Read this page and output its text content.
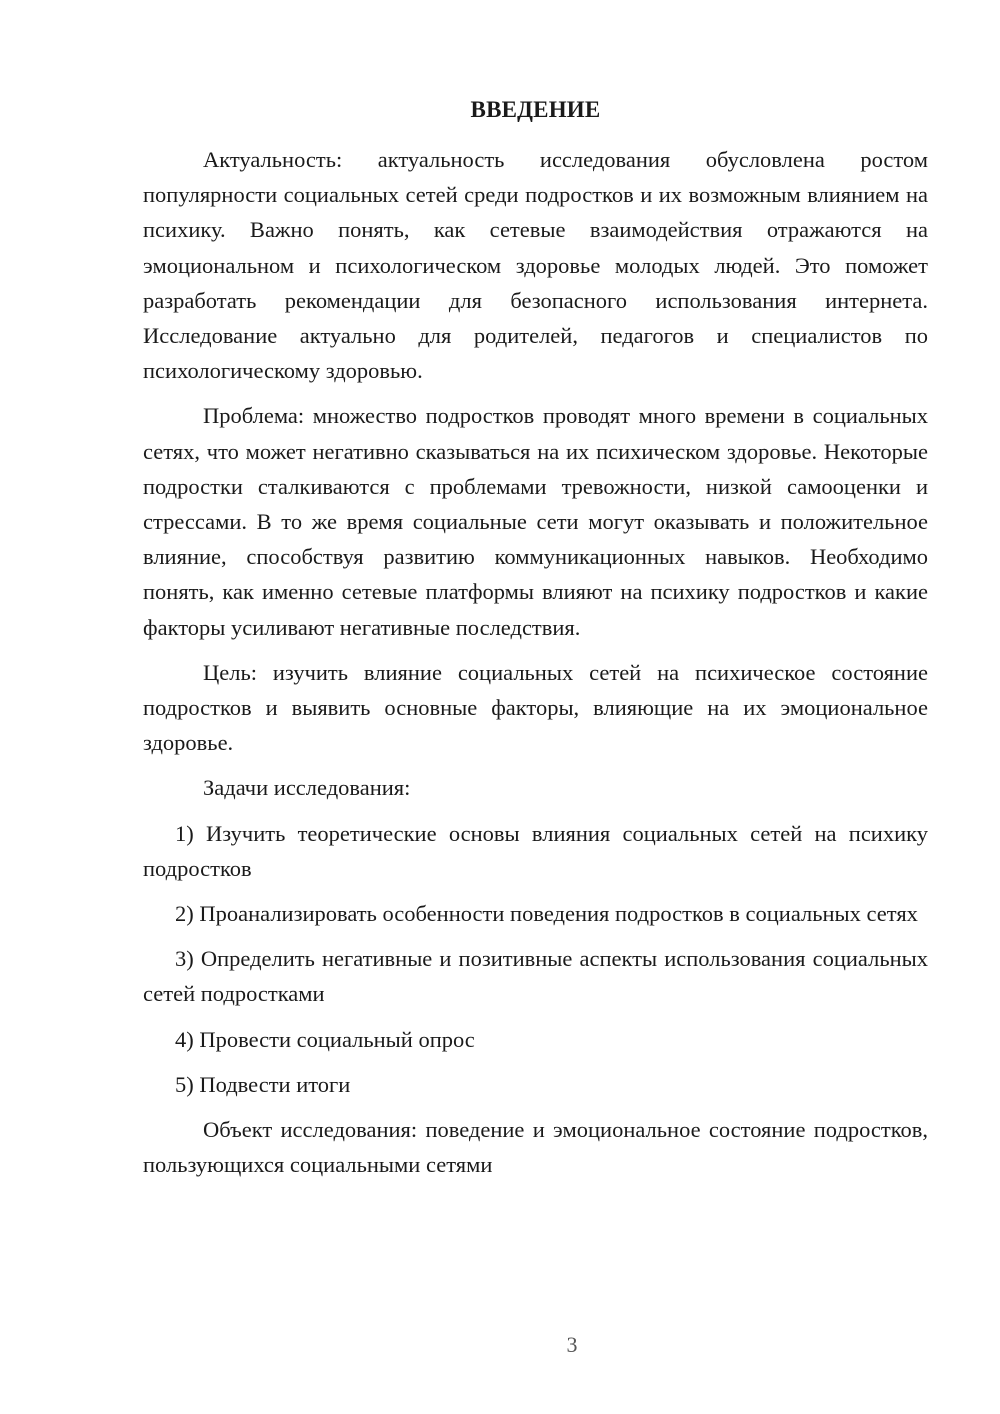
ВВЕДЕНИЕ

Актуальность: актуальность исследования обусловлена ростом популярности социальных сетей среди подростков и их возможным влиянием на психику. Важно понять, как сетевые взаимодействия отражаются на эмоциональном и психологическом здоровье молодых людей. Это поможет разработать рекомендации для безопасного использования интернета. Исследование актуально для родителей, педагогов и специалистов по психологическому здоровью.

Проблема: множество подростков проводят много времени в социальных сетях, что может негативно сказываться на их психическом здоровье. Некоторые подростки сталкиваются с проблемами тревожности, низкой самооценки и стрессами. В то же время социальные сети могут оказывать и положительное влияние, способствуя развитию коммуникационных навыков. Необходимо понять, как именно сетевые платформы влияют на психику подростков и какие факторы усиливают негативные последствия.

Цель: изучить влияние социальных сетей на психическое состояние подростков и выявить основные факторы, влияющие на их эмоциональное здоровье.

Задачи исследования:

1) Изучить теоретические основы влияния социальных сетей на психику подростков

2) Проанализировать особенности поведения подростков в социальных сетях

3) Определить негативные и позитивные аспекты использования социальных сетей подростками

4) Провести социальный опрос

5) Подвести итоги

Объект исследования: поведение и эмоциональное состояние подростков, пользующихся социальными сетями

3
